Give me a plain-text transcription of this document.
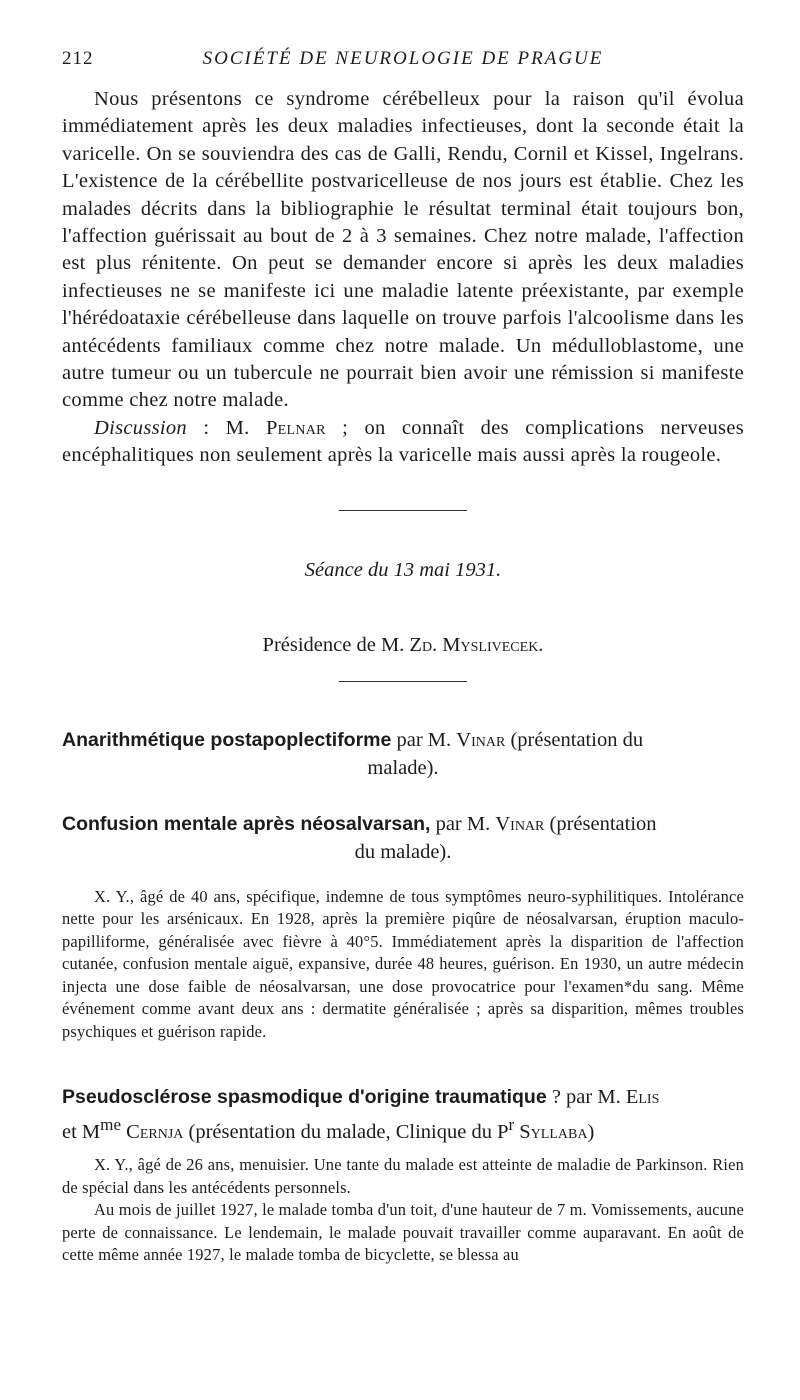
212	SOCIÉTÉ DE NEUROLOGIE DE PRAGUE

Nous présentons ce syndrome cérébelleux pour la raison qu'il évolua immédiatement après les deux maladies infectieuses, dont la seconde était la varicelle. On se souviendra des cas de Galli, Rendu, Cornil et Kissel, Ingelrans. L'existence de la cérébellite postvaricelleuse de nos jours est établie. Chez les malades décrits dans la bibliographie le résultat terminal était toujours bon, l'affection guérissait au bout de 2 à 3 semaines. Chez notre malade, l'affection est plus rénitente. On peut se demander encore si après les deux maladies infectieuses ne se manifeste ici une maladie latente préexistante, par exemple l'hérédoataxie cérébelleuse dans laquelle on trouve parfois l'alcoolisme dans les antécédents familiaux comme chez notre malade. Un médulloblastome, une autre tumeur ou un tubercule ne pourrait bien avoir une rémission si manifeste comme chez notre malade.

Discussion : M. Pelnar ; on connaît des complications nerveuses encéphalitiques non seulement après la varicelle mais aussi après la rougeole.

Séance du 13 mai 1931.

Présidence de M. Zd. Myslivecek.

Anarithmétique postapoplectiforme par M. Vinar (présentation du
malade).

Confusion mentale après néosalvarsan, par M. Vinar (présentation
du malade).

X. Y., âgé de 40 ans, spécifique, indemne de tous symptômes neuro-syphilitiques. Intolérance nette pour les arsénicaux. En 1928, après la première piqûre de néosalvarsan, éruption maculo-papilliforme, généralisée avec fièvre à 40°5. Immédiatement après la disparition de l'affection cutanée, confusion mentale aiguë, expansive, durée 48 heures, guérison. En 1930, un autre médecin injecta une dose faible de néosalvarsan, une dose provocatrice pour l'examen*du sang. Même événement comme avant deux ans : dermatite généralisée ; après sa disparition, mêmes troubles psychiques et guérison rapide.

Pseudosclérose spasmodique d'origine traumatique ? par M. Elis
et $M^{me}$ Cernja (présentation du malade, Clinique du $P^r$ Syllaba)

X. Y., âgé de 26 ans, menuisier. Une tante du malade est atteinte de maladie de Parkinson. Rien de spécial dans les antécédents personnels.

Au mois de juillet 1927, le malade tomba d'un toit, d'une hauteur de 7 m. Vomissements, aucune perte de connaissance. Le lendemain, le malade pouvait travailler comme auparavant. En août de cette même année 1927, le malade tomba de bicyclette, se blessa au
